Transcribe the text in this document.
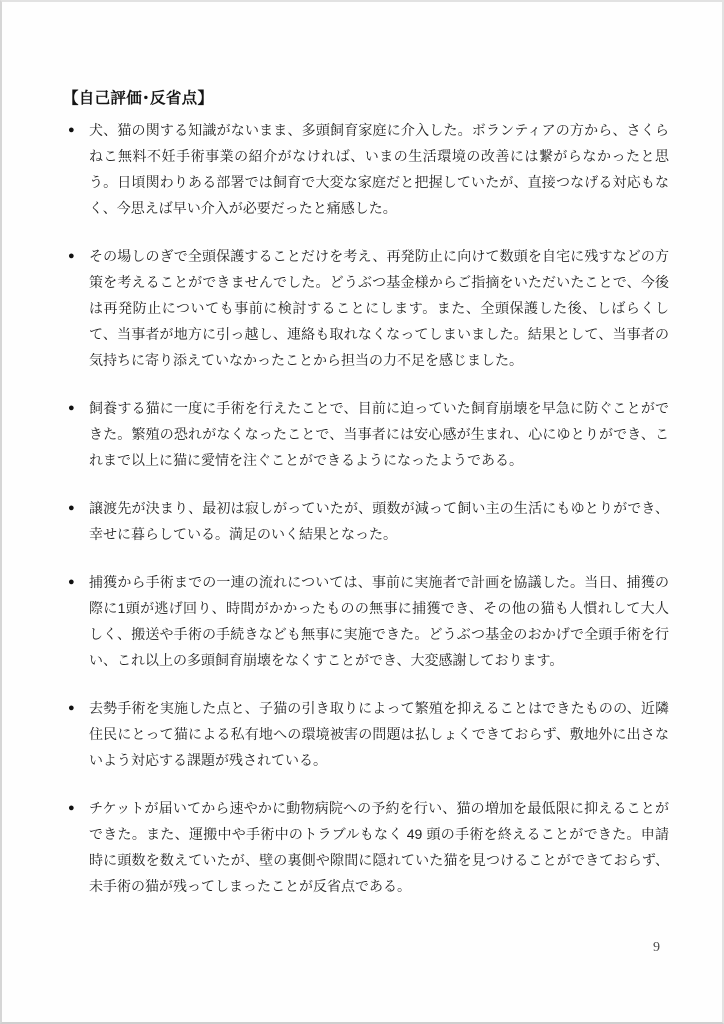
【自己評価･反省点】
●	犬、猫の関する知識がないまま、多頭飼育家庭に介入した。ボランティアの方から、さくらねこ無料不妊手術事業の紹介がなければ、いまの生活環境の改善には繋がらなかったと思う。日頃関わりある部署では飼育で大変な家庭だと把握していたが、直接つなげる対応もなく、今思えば早い介入が必要だったと痛感した。
●	その場しのぎで全頭保護することだけを考え、再発防止に向けて数頭を自宅に残すなどの方策を考えることができませんでした。どうぶつ基金様からご指摘をいただいたことで、今後は再発防止についても事前に検討することにします。また、全頭保護した後、しばらくして、当事者が地方に引っ越し、連絡も取れなくなってしまいました。結果として、当事者の気持ちに寄り添えていなかったことから担当の力不足を感じました。
●	飼養する猫に一度に手術を行えたことで、目前に迫っていた飼育崩壊を早急に防ぐことができた。繁殖の恐れがなくなったことで、当事者には安心感が生まれ、心にゆとりができ、これまで以上に猫に愛情を注ぐことができるようになったようである。
●	譲渡先が決まり、最初は寂しがっていたが、頭数が減って飼い主の生活にもゆとりができ、幸せに暮らしている。満足のいく結果となった。
●	捕獲から手術までの一連の流れについては、事前に実施者で計画を協議した。当日、捕獲の際に1頭が逃げ回り、時間がかかったものの無事に捕獲でき、その他の猫も人慣れして大人しく、搬送や手術の手続きなども無事に実施できた。どうぶつ基金のおかげで全頭手術を行い、これ以上の多頭飼育崩壊をなくすことができ、大変感謝しております。
●	去勢手術を実施した点と、子猫の引き取りによって繁殖を抑えることはできたものの、近隣住民にとって猫による私有地への環境被害の問題は払しょくできておらず、敷地外に出さないよう対応する課題が残されている。
●	チケットが届いてから速やかに動物病院への予約を行い、猫の増加を最低限に抑えることができた。また、運搬中や手術中のトラブルもなく 49 頭の手術を終えることができた。申請時に頭数を数えていたが、壁の裏側や隙間に隠れていた猫を見つけることができておらず、未手術の猫が残ってしまったことが反省点である。
9
